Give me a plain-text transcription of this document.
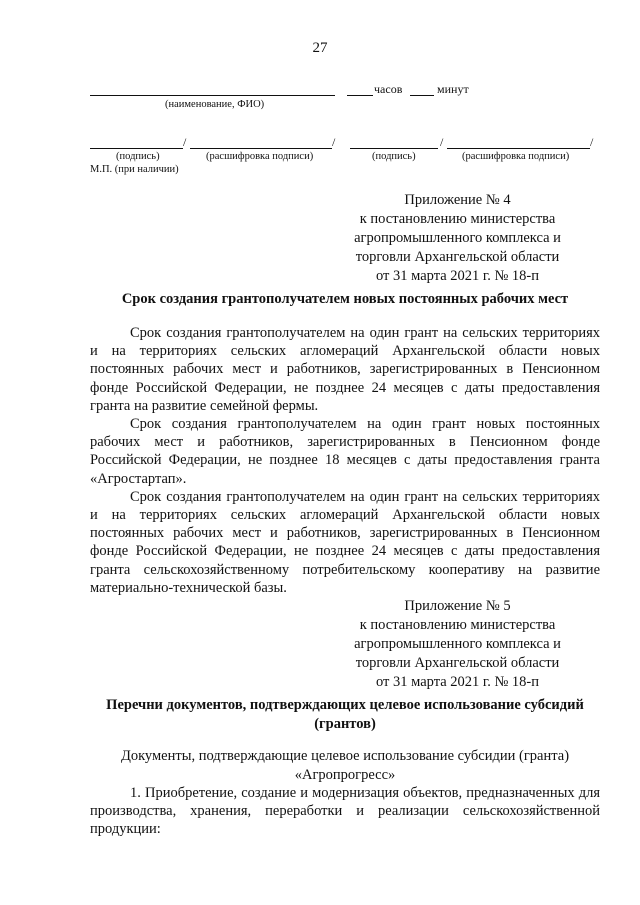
27
(наименование, ФИО)
часов	минут
/	/	/	/
(подпись)	(расшифровка подписи)	(подпись)	(расшифровка подписи)
М.П. (при наличии)
Приложение № 4
к постановлению министерства
агропромышленного комплекса и
торговли Архангельской области
от 31 марта 2021 г. № 18-п
Срок создания грантополучателем новых постоянных рабочих мест

Срок создания грантополучателем на один грант на сельских территориях и на территориях сельских агломераций Архангельской области новых постоянных рабочих мест и работников, зарегистрированных в Пенсионном фонде Российской Федерации, не позднее 24 месяцев с даты предоставления гранта на развитие семейной фермы.

Срок создания грантополучателем на один грант новых постоянных рабочих мест и работников, зарегистрированных в Пенсионном фонде Российской Федерации, не позднее 18 месяцев с даты предоставления гранта «Агростартап».

Срок создания грантополучателем на один грант на сельских территориях и на территориях сельских агломераций Архангельской области новых постоянных рабочих мест и работников, зарегистрированных в Пенсионном фонде Российской Федерации, не позднее 24 месяцев с даты предоставления гранта сельскохозяйственному потребительскому кооперативу на развитие материально-технической базы.

Приложение № 5
к постановлению министерства
агропромышленного комплекса и
торговли Архангельской области
от 31 марта 2021 г. № 18-п
Перечни документов, подтверждающих целевое использование субсидий
(грантов)
Документы, подтверждающие целевое использование субсидии (гранта)
«Агропрогресс»

1. Приобретение, создание и модернизация объектов, предназначенных для производства, хранения, переработки и реализации сельскохозяйственной продукции:
